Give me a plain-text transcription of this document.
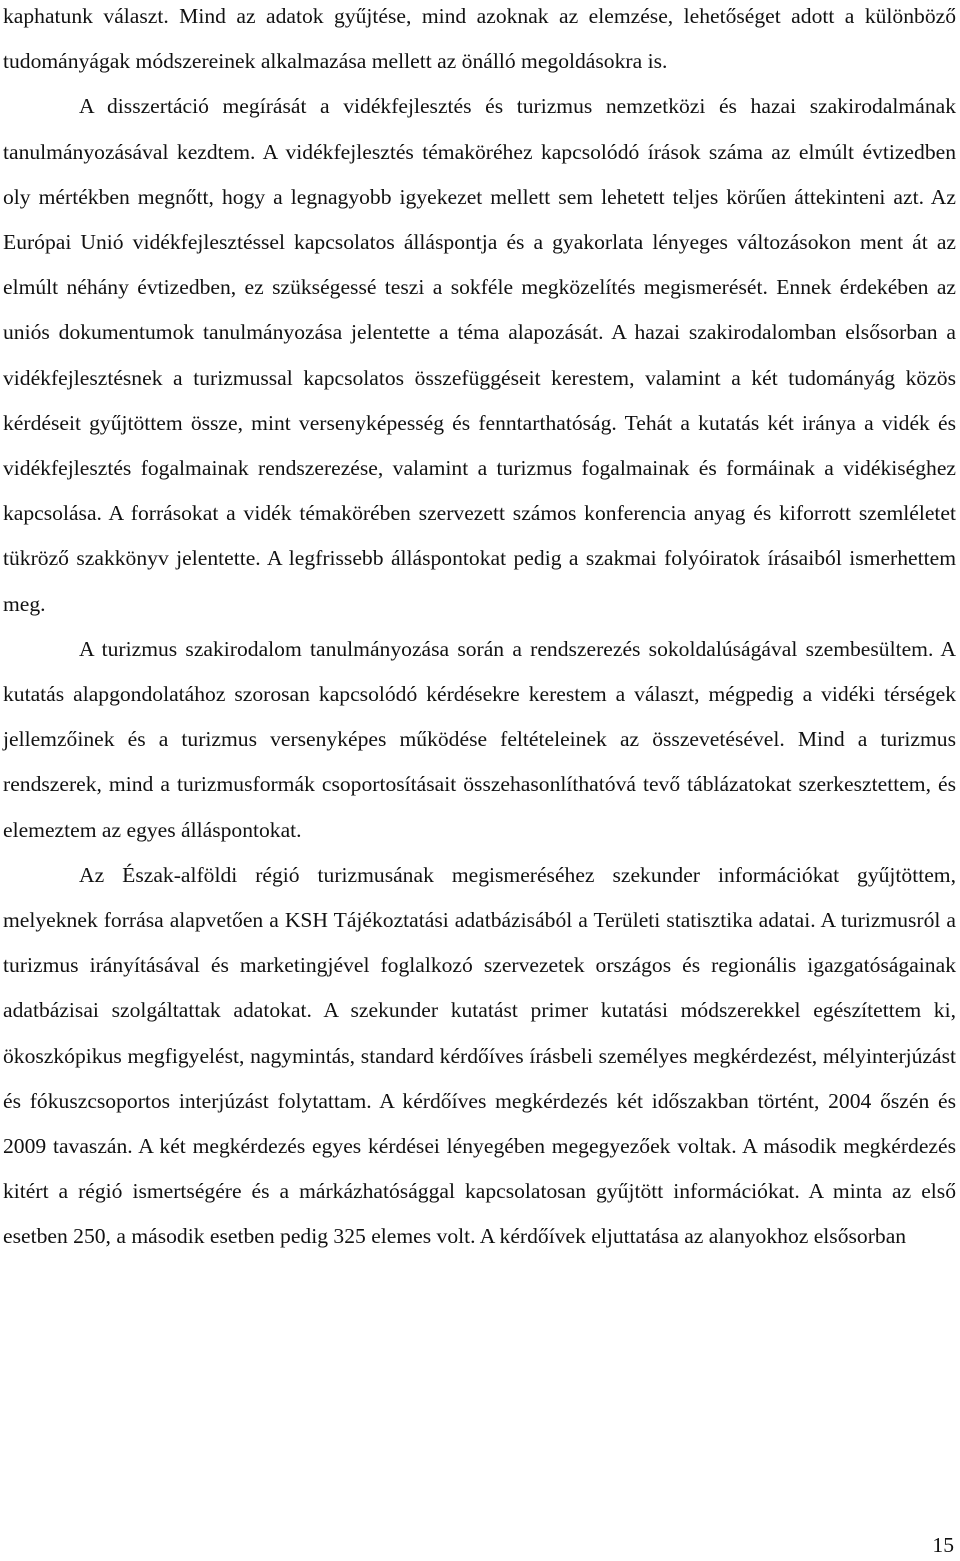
kaphatunk választ. Mind az adatok gyűjtése, mind azoknak az elemzése, lehetőséget adott a különböző tudományágak módszereinek alkalmazása mellett az önálló megoldásokra is.

A disszertáció megírását a vidékfejlesztés és turizmus nemzetközi és hazai szakirodalmának tanulmányozásával kezdtem. A vidékfejlesztés témaköréhez kapcsolódó írások száma az elmúlt évtizedben oly mértékben megnőtt, hogy a legnagyobb igyekezet mellett sem lehetett teljes körűen áttekinteni azt. Az Európai Unió vidékfejlesztéssel kapcsolatos álláspontja és a gyakorlata lényeges változásokon ment át az elmúlt néhány évtizedben, ez szükségessé teszi a sokféle megközelítés megismerését. Ennek érdekében az uniós dokumentumok tanulmányozása jelentette a téma alapozását. A hazai szakirodalomban elsősorban a vidékfejlesztésnek a turizmussal kapcsolatos összefüggéseit kerestem, valamint a két tudományág közös kérdéseit gyűjtöttem össze, mint versenyképesség és fenntarthatóság. Tehát a kutatás két iránya a vidék és vidékfejlesztés fogalmainak rendszerezése, valamint a turizmus fogalmainak és formáinak a vidékiséghez kapcsolása. A forrásokat a vidék témakörében szervezett számos konferencia anyag és kiforrott szemléletet tükröző szakkönyv jelentette. A legfrissebb álláspontokat pedig a szakmai folyóiratok írásaiból ismerhettem meg.

A turizmus szakirodalom tanulmányozása során a rendszerezés sokoldalúságával szembesültem. A kutatás alapgondolatához szorosan kapcsolódó kérdésekre kerestem a választ, mégpedig a vidéki térségek jellemzőinek és a turizmus versenyképes működése feltételeinek az összevetésével. Mind a turizmus rendszerek, mind a turizmusformák csoportosításait összehasonlíthatóvá tevő táblázatokat szerkesztettem, és elemeztem az egyes álláspontokat.

Az Észak-alföldi régió turizmusának megismeréséhez szekunder információkat gyűjtöttem, melyeknek forrása alapvetően a KSH Tájékoztatási adatbázisából a Területi statisztika adatai. A turizmusról a turizmus irányításával és marketingjével foglalkozó szervezetek országos és regionális igazgatóságainak adatbázisai szolgáltattak adatokat. A szekunder kutatást primer kutatási módszerekkel egészítettem ki, ökoszkópikus megfigyelést, nagymintás, standard kérdőíves írásbeli személyes megkérdezést, mélyinterjúzást és fókuszcsoportos interjúzást folytattam. A kérdőíves megkérdezés két időszakban történt, 2004 őszén és 2009 tavaszán. A két megkérdezés egyes kérdései lényegében megegyezőek voltak. A második megkérdezés kitért a régió ismertségére és a márkázhatósággal kapcsolatosan gyűjtött információkat. A minta az első esetben 250, a második esetben pedig 325 elemes volt. A kérdőívek eljuttatása az alanyokhoz elsősorban

15
